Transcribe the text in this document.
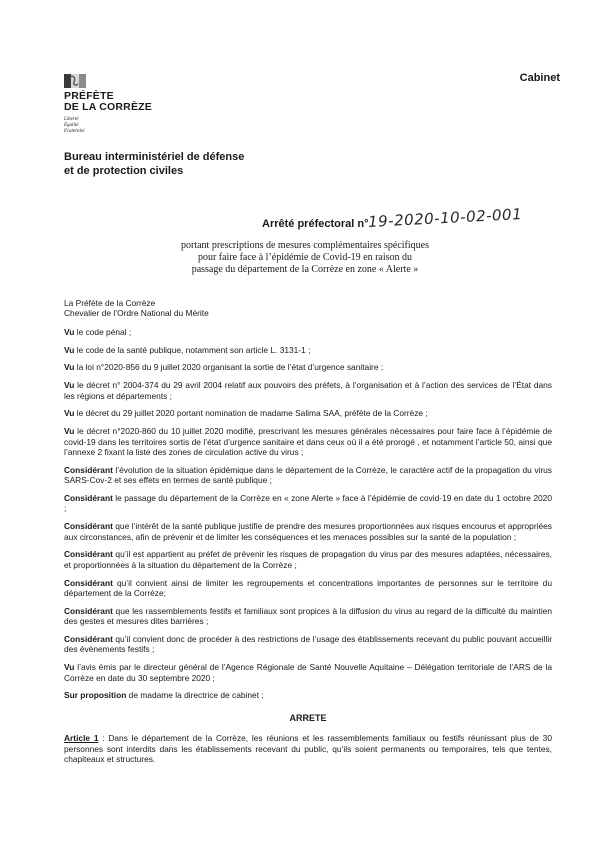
PRÉFÈTE
DE LA CORRÈZE
Liberté
Égalité
Fraternité
Cabinet
Bureau interministériel de défense
et de protection civiles
Arrêté préfectoral n° 19-2020-10-02-001
portant prescriptions de mesures complémentaires spécifiques
pour faire face à l’épidémie de Covid-19 en raison du
passage du département de la Corrèze en zone « Alerte »
La Préfète de la Corrèze
Chevalier de l’Ordre National du Mérite

Vu le code pénal ;

Vu le code de la santé publique, notamment son article L. 3131-1 ;

Vu la loi n°2020-856 du 9 juillet 2020 organisant la sortie de l’état d’urgence sanitaire ;

Vu le décret n° 2004-374 du 29 avril 2004 relatif aux pouvoirs des préfets, à l’organisation et à l’action des services de l’État dans les régions et départements ;

Vu le décret du 29 juillet 2020 portant nomination de madame Salima SAA, préfète de la Corrèze ;

Vu le décret n°2020-860 du 10 juillet 2020 modifié, prescrivant les mesures générales nécessaires pour faire face à l’épidémie de covid-19 dans les territoires sortis de l’état d’urgence sanitaire et dans ceux où il a été prorogé , et notamment l’article 50, ainsi que l’annexe 2 fixant la liste des zones de circulation active du virus ;

Considérant l’évolution de la situation épidémique dans le département de la Corrèze, le caractère actif de la propagation du virus SARS-Cov-2 et ses effets en termes de santé publique ;

Considérant le passage du département de la Corrèze en « zone Alerte » face à l’épidémie de covid-19 en date du 1 octobre 2020 ;

Considérant que l’intérêt de la santé publique justifie de prendre des mesures proportionnées aux risques encourus et appropriées aux circonstances, afin de prévenir et de limiter les conséquences et les menaces possibles sur la santé de la population ;

Considérant qu’il est appartient au préfet de prévenir les risques de propagation du virus par des mesures adaptées, nécessaires, et proportionnées à la situation du département de la Corrèze ;

Considérant qu’il convient ainsi de limiter les regroupements et concentrations importantes de personnes sur le territoire du département de la Corrèze;

Considérant que les rassemblements festifs et familiaux sont propices à la diffusion du virus au regard de la difficulté du maintien des gestes et mesures dites barrières ;

Considérant qu’il convient donc de procéder à des restrictions de l’usage des établissements recevant du public pouvant accueillir des évènements festifs ;

Vu l’avis émis par le directeur général de l’Agence Régionale de Santé Nouvelle Aquitaine – Délégation territoriale de l’ARS de la Corrèze en date du 30 septembre 2020 ;

Sur proposition de madame la directrice de cabinet ;

ARRETE

Article 1 : Dans le département de la Corrèze, les réunions et les rassemblements familiaux ou festifs réunissant plus de 30 personnes sont interdits dans les établissements recevant du public, qu’ils soient permanents ou temporaires, tels que tentes, chapiteaux et structures.
